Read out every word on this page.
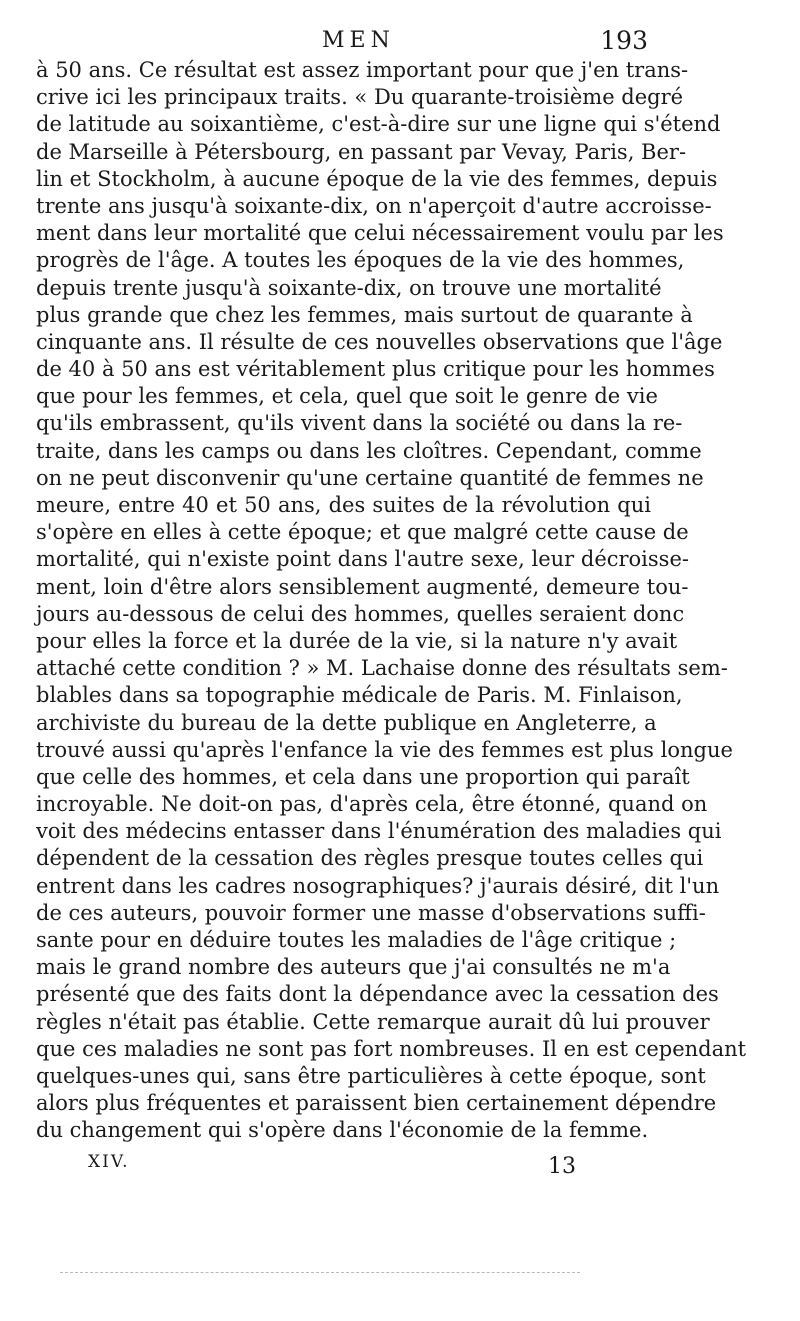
MEN	193
à 50 ans. Ce résultat est assez important pour que j'en trans-
crive ici les principaux traits. « Du quarante-troisième degré
de latitude au soixantième, c'est-à-dire sur une ligne qui s'étend
de Marseille à Pétersbourg, en passant par Vevay, Paris, Ber-
lin et Stockholm, à aucune époque de la vie des femmes, depuis
trente ans jusqu'à soixante-dix, on n'aperçoit d'autre accroisse-
ment dans leur mortalité que celui nécessairement voulu par les
progrès de l'âge. A toutes les époques de la vie des hommes,
depuis trente jusqu'à soixante-dix, on trouve une mortalité
plus grande que chez les femmes, mais surtout de quarante à
cinquante ans. Il résulte de ces nouvelles observations que l'âge
de 40 à 50 ans est véritablement plus critique pour les hommes
que pour les femmes, et cela, quel que soit le genre de vie
qu'ils embrassent, qu'ils vivent dans la société ou dans la re-
traite, dans les camps ou dans les cloîtres. Cependant, comme
on ne peut disconvenir qu'une certaine quantité de femmes ne
meure, entre 40 et 50 ans, des suites de la révolution qui
s'opère en elles à cette époque; et que malgré cette cause de
mortalité, qui n'existe point dans l'autre sexe, leur décroisse-
ment, loin d'être alors sensiblement augmenté, demeure tou-
jours au-dessous de celui des hommes, quelles seraient donc
pour elles la force et la durée de la vie, si la nature n'y avait
attaché cette condition ? » M. Lachaise donne des résultats sem-
blables dans sa topographie médicale de Paris. M. Finlaison,
archiviste du bureau de la dette publique en Angleterre, a
trouvé aussi qu'après l'enfance la vie des femmes est plus longue
que celle des hommes, et cela dans une proportion qui paraît
incroyable. Ne doit-on pas, d'après cela, être étonné, quand on
voit des médecins entasser dans l'énumération des maladies qui
dépendent de la cessation des règles presque toutes celles qui
entrent dans les cadres nosographiques? j'aurais désiré, dit l'un
de ces auteurs, pouvoir former une masse d'observations suffi-
sante pour en déduire toutes les maladies de l'âge critique ;
mais le grand nombre des auteurs que j'ai consultés ne m'a
présenté que des faits dont la dépendance avec la cessation des
règles n'était pas établie. Cette remarque aurait dû lui prouver
que ces maladies ne sont pas fort nombreuses. Il en est cependant
quelques-unes qui, sans être particulières à cette époque, sont
alors plus fréquentes et paraissent bien certainement dépendre
du changement qui s'opère dans l'économie de la femme.
XIV.	13
